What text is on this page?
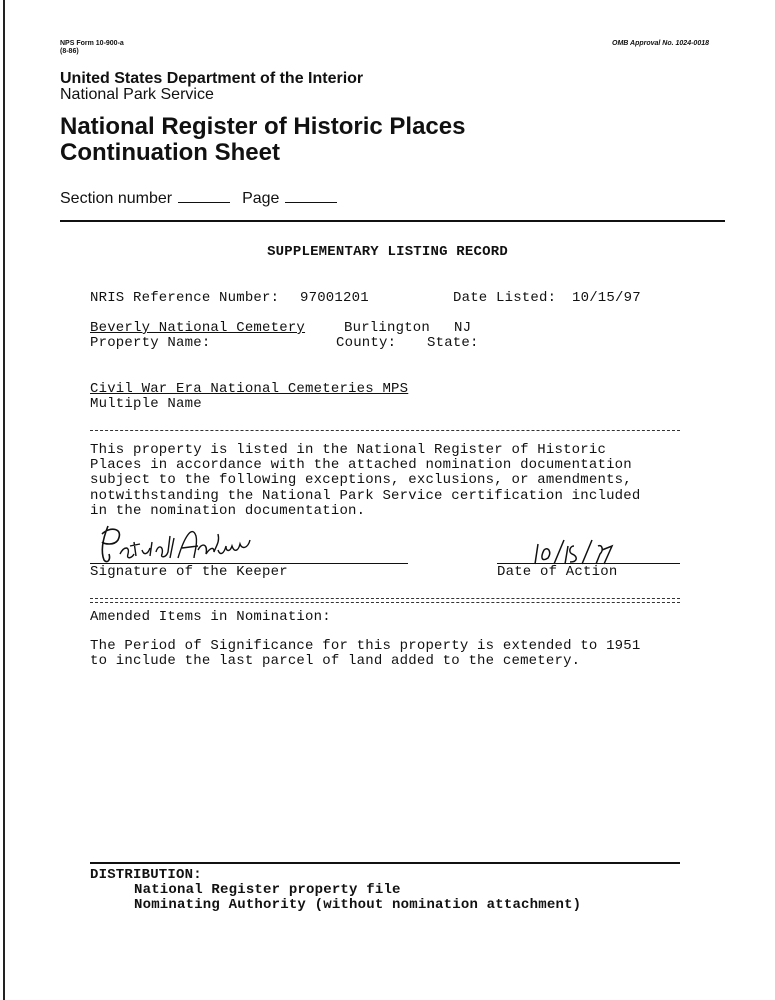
NPS Form 10-900-a
(8-86)
OMB Approval No. 1024-0018
United States Department of the Interior
National Park Service
National Register of Historic Places
Continuation Sheet
Section number	Page
SUPPLEMENTARY LISTING RECORD
NRIS Reference Number: 97001201	Date Listed: 10/15/97
Beverly National Cemetery	Burlington NJ
Property Name:	County: State:
Civil War Era National Cemeteries MPS
Multiple Name
This property is listed in the National Register of Historic
Places in accordance with the attached nomination documentation
subject to the following exceptions, exclusions, or amendments,
notwithstanding the National Park Service certification included
in the nomination documentation.
Signature of the Keeper	Date of Action
Amended Items in Nomination:
The Period of Significance for this property is extended to 1951
to include the last parcel of land added to the cemetery.
DISTRIBUTION:
National Register property file
Nominating Authority (without nomination attachment)
